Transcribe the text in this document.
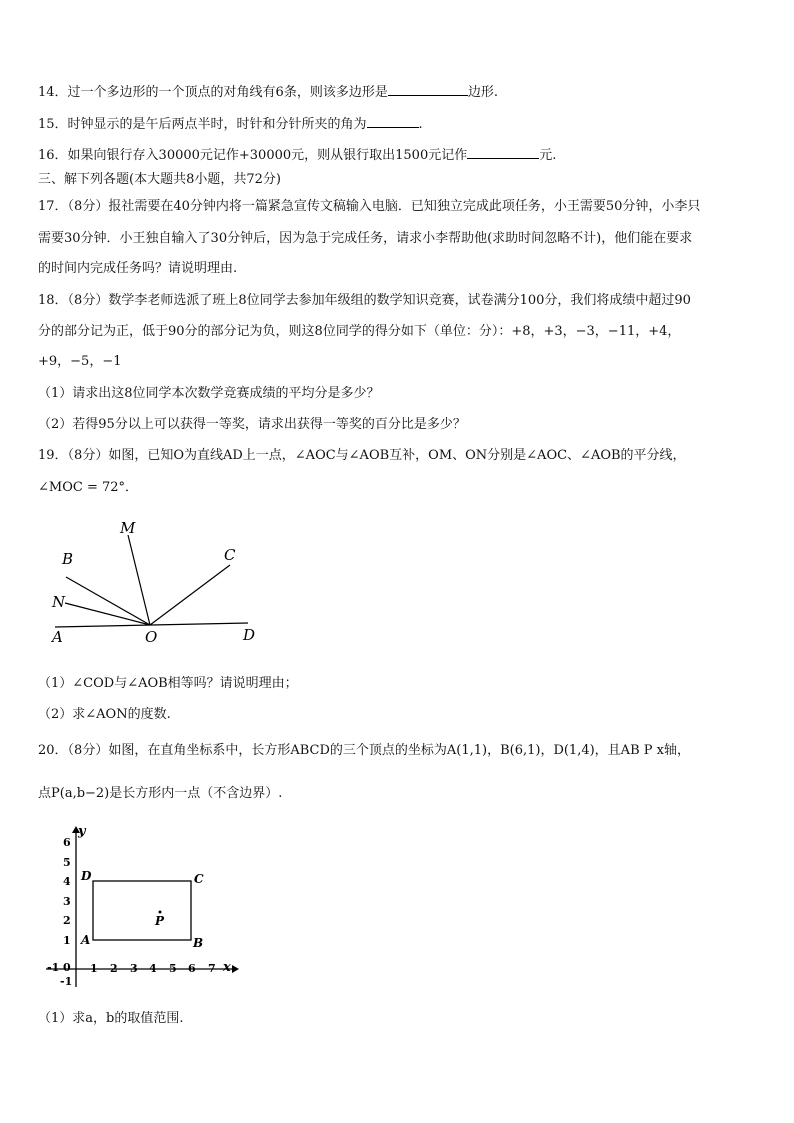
14．过一个多边形的一个顶点的对角线有6条，则该多边形是	边形.
15．时钟显示的是午后两点半时，时针和分针所夹的角为	.
16．如果向银行存入30000元记作+30000元，则从银行取出1500元记作	元.
三、解下列各题(本大题共8小题，共72分)
17．（8分）报社需要在40分钟内将一篇紧急宣传文稿输入电脑．已知独立完成此项任务，小王需要50分钟，小李只
需要30分钟．小王独自输入了30分钟后，因为急于完成任务，请求小李帮助他(求助时间忽略不计)，他们能在要求
的时间内完成任务吗？请说明理由.
18．（8分）数学李老师选派了班上8位同学去参加年级组的数学知识竞赛，试卷满分100分，我们将成绩中超过90
分的部分记为正，低于90分的部分记为负，则这8位同学的得分如下（单位：分）：+8，+3，−3，−11，+4，
+9，−5，−1
（1）请求出这8位同学本次数学竞赛成绩的平均分是多少？
（2）若得95分以上可以获得一等奖，请求出获得一等奖的百分比是多少？
19．（8分）如图，已知O为直线AD上一点，∠AOC与∠AOB互补，OM、ON分别是∠AOC、∠AOB的平分线，
∠MOC = 72°．
A	O	D
B
M
C
N
（1）∠COD与∠AOB相等吗？请说明理由；
（2）求∠AON的度数.
20．（8分）如图，在直角坐标系中，长方形ABCD的三个顶点的坐标为A(1,1)，B(6,1)，D(1,4)，且AB P x轴，
点P(a,b−2)是长方形内一点（不含边界）.
x
y
-1 0 1 2 3 4 5 6 7
1
2
3
4
5
6
-1
A	B
C
D
P
（1）求a，b的取值范围.
